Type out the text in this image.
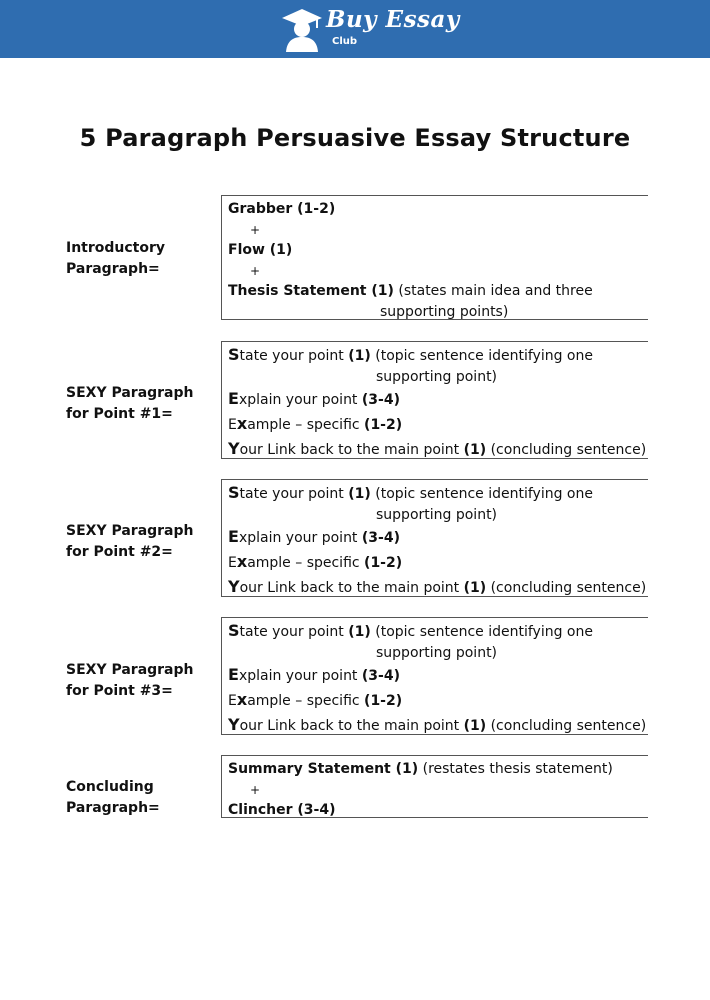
Buy Essay
Club
5 Paragraph Persuasive Essay Structure
Introductory
Paragraph=
Grabber (1-2)
+
Flow (1)
+
Thesis Statement (1) (states main idea and three
supporting points)
SEXY Paragraph
for Point #1=
State your point (1) (topic sentence identifying one
supporting point)
Explain your point (3-4)
Example – specific (1-2)
Your Link back to the main point (1) (concluding sentence)
SEXY Paragraph
for Point #2=
State your point (1) (topic sentence identifying one
supporting point)
Explain your point (3-4)
Example – specific (1-2)
Your Link back to the main point (1) (concluding sentence)
SEXY Paragraph
for Point #3=
State your point (1) (topic sentence identifying one
supporting point)
Explain your point (3-4)
Example – specific (1-2)
Your Link back to the main point (1) (concluding sentence)
Concluding
Paragraph=
Summary Statement (1) (restates thesis statement)
+
Clincher (3-4)
